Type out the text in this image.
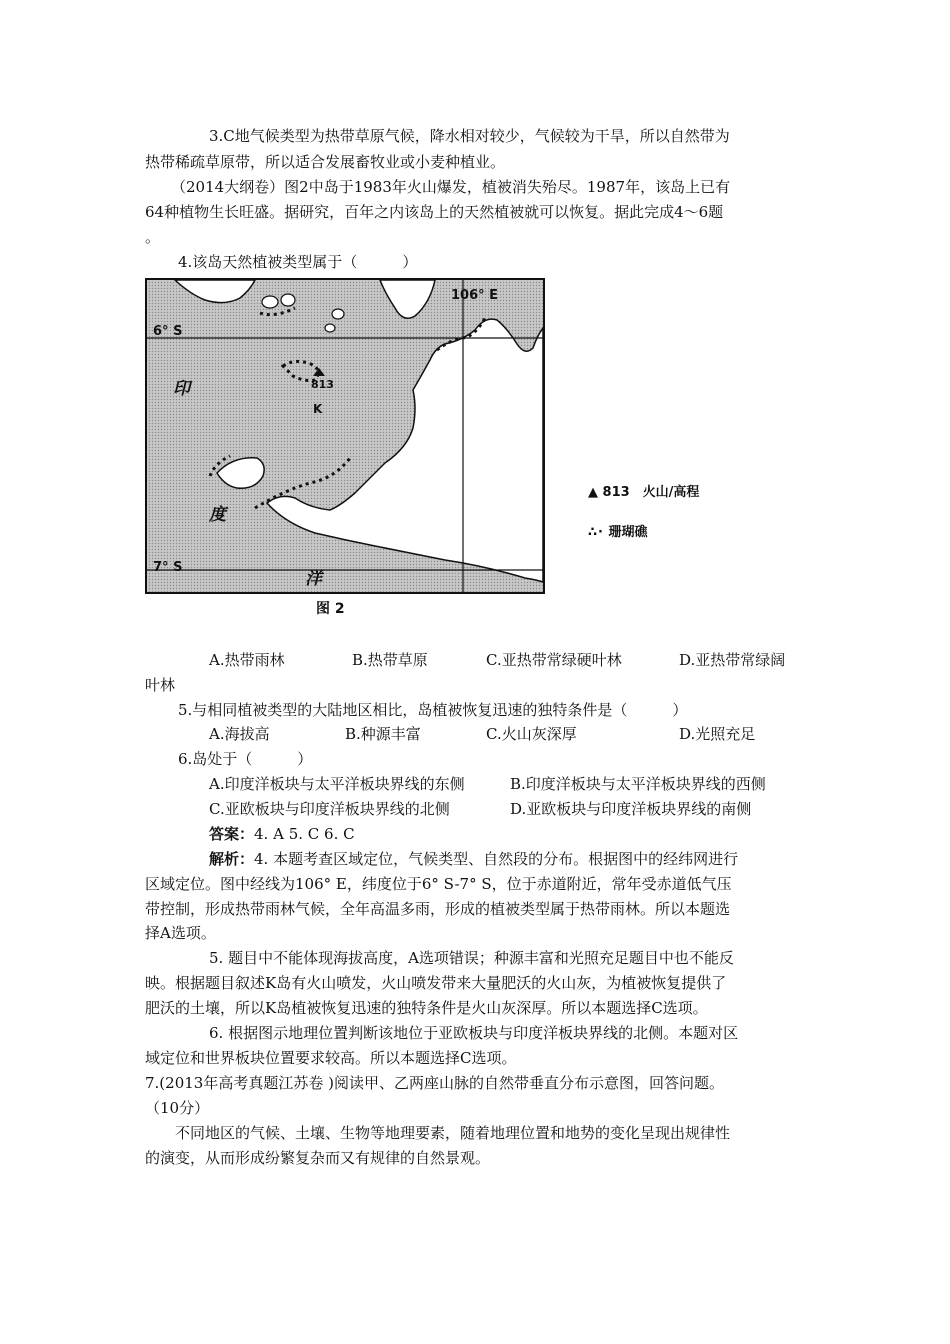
3.C地气候类型为热带草原气候，降水相对较少，气候较为干旱，所以自然带为
热带稀疏草原带，所以适合发展畜牧业或小麦种植业。
（2014大纲卷）图2中岛于1983年火山爆发，植被消失殆尽。1987年，该岛上已有
64种植物生长旺盛。据研究，百年之内该岛上的天然植被就可以恢复。据此完成4～6题
。
4.该岛天然植被类型属于（　　　）
106° E
6° S
7° S
印
度
洋
813
K
图 2
▲ 813　火山/高程
∴· 珊瑚礁
A.热带雨林	B.热带草原	C.亚热带常绿硬叶林	D.亚热带常绿阔
叶林
5.与相同植被类型的大陆地区相比，岛植被恢复迅速的独特条件是（　　　）
A.海拔高	B.种源丰富	C.火山灰深厚	D.光照充足
6.岛处于（　　　）
A.印度洋板块与太平洋板块界线的东侧	B.印度洋板块与太平洋板块界线的西侧
C.亚欧板块与印度洋板块界线的北侧	D.亚欧板块与印度洋板块界线的南侧
答案：4. A 5. C 6. C
解析：4. 本题考查区域定位，气候类型、自然段的分布。根据图中的经纬网进行
区域定位。图中经线为106° E，纬度位于6° S-7° S，位于赤道附近，常年受赤道低气压
带控制，形成热带雨林气候，全年高温多雨，形成的植被类型属于热带雨林。所以本题选
择A选项。
5. 题目中不能体现海拔高度，A选项错误；种源丰富和光照充足题目中也不能反
映。根据题目叙述K岛有火山喷发，火山喷发带来大量肥沃的火山灰，为植被恢复提供了
肥沃的土壤，所以K岛植被恢复迅速的独特条件是火山灰深厚。所以本题选择C选项。
6. 根据图示地理位置判断该地位于亚欧板块与印度洋板块界线的北侧。本题对区
域定位和世界板块位置要求较高。所以本题选择C选项。
7.(2013年高考真题江苏卷 )阅读甲、乙两座山脉的自然带垂直分布示意图，回答问题。
（10分）
不同地区的气候、土壤、生物等地理要素，随着地理位置和地势的变化呈现出规律性
的演变，从而形成纷繁复杂而又有规律的自然景观。
